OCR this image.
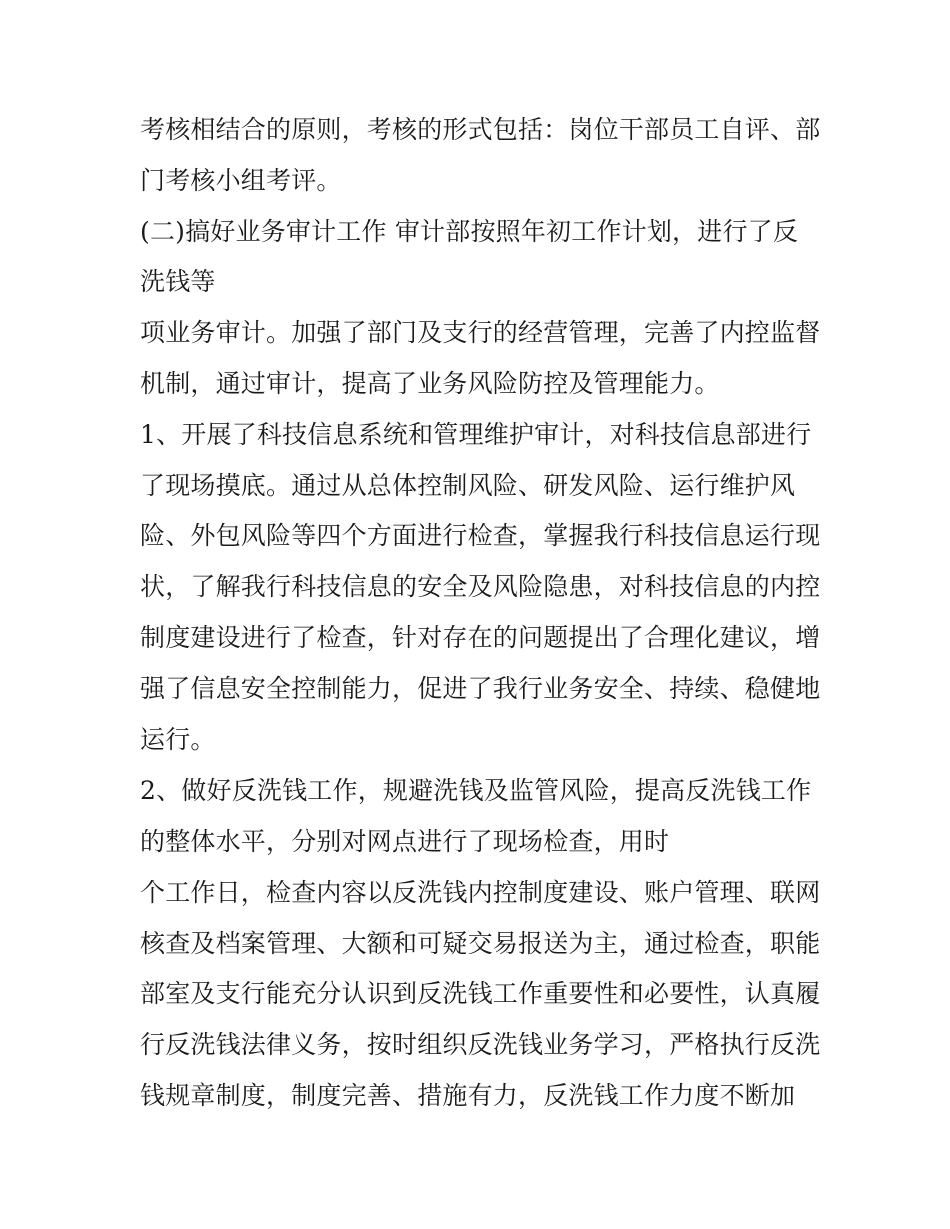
考核相结合的原则，考核的形式包括：岗位干部员工自评、部
门考核小组考评。
(二)搞好业务审计工作 审计部按照年初工作计划，进行了反
洗钱等
项业务审计。加强了部门及支行的经营管理，完善了内控监督
机制，通过审计，提高了业务风险防控及管理能力。
1、开展了科技信息系统和管理维护审计，对科技信息部进行
了现场摸底。通过从总体控制风险、研发风险、运行维护风
险、外包风险等四个方面进行检查，掌握我行科技信息运行现
状，了解我行科技信息的安全及风险隐患，对科技信息的内控
制度建设进行了检查，针对存在的问题提出了合理化建议，增
强了信息安全控制能力，促进了我行业务安全、持续、稳健地
运行。
2、做好反洗钱工作，规避洗钱及监管风险，提高反洗钱工作
的整体水平，分别对网点进行了现场检查，用时
个工作日，检查内容以反洗钱内控制度建设、账户管理、联网
核查及档案管理、大额和可疑交易报送为主，通过检查，职能
部室及支行能充分认识到反洗钱工作重要性和必要性，认真履
行反洗钱法律义务，按时组织反洗钱业务学习，严格执行反洗
钱规章制度，制度完善、措施有力，反洗钱工作力度不断加
